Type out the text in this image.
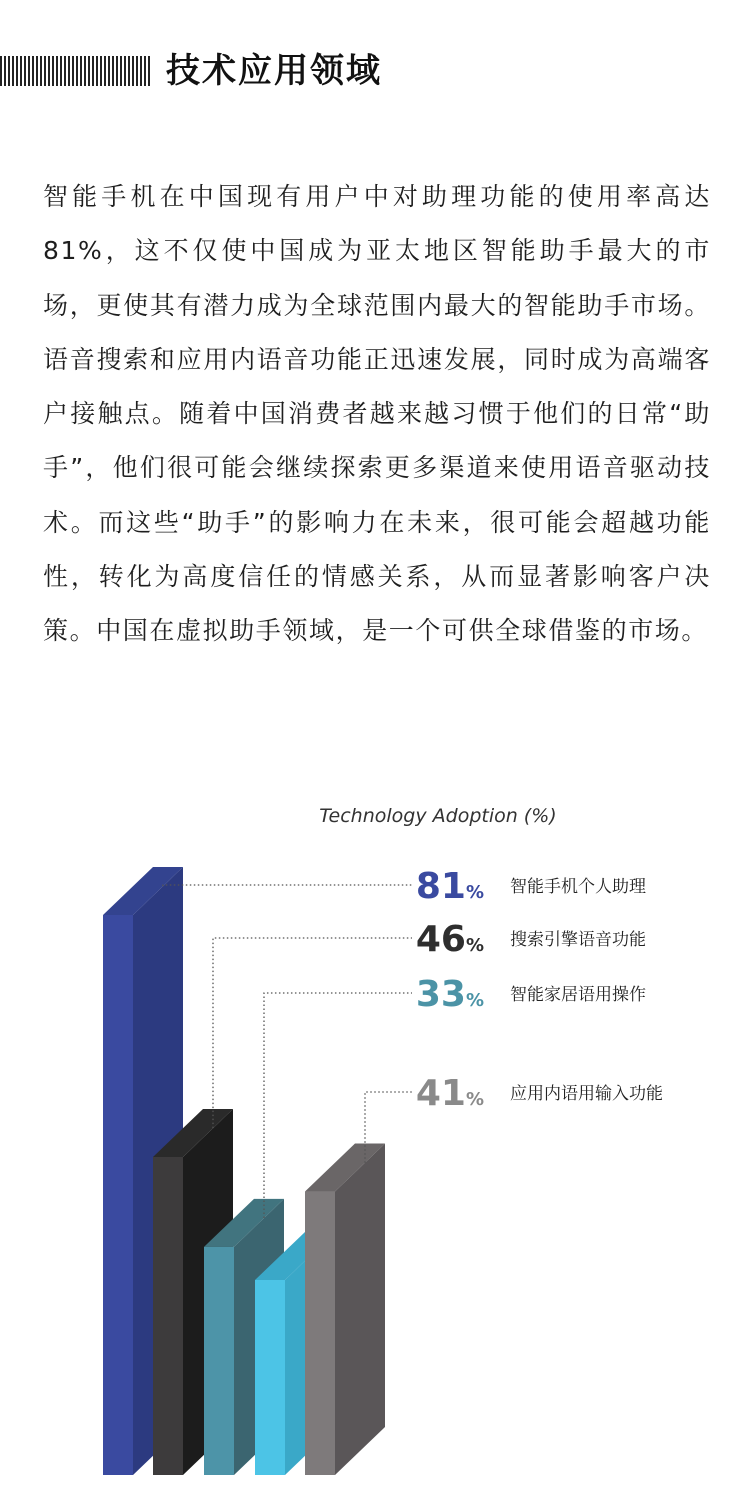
技术应用领域

智能手机在中国现有用户中对助理功能的使用率高达81%，这不仅使中国成为亚太地区智能助手最大的市场，更使其有潜力成为全球范围内最大的智能助手市场。语音搜索和应用内语音功能正迅速发展，同时成为高端客户接触点。随着中国消费者越来越习惯于他们的日常“助手”，他们很可能会继续探索更多渠道来使用语音驱动技术。而这些“助手”的影响力在未来，很可能会超越功能性，转化为高度信任的情感关系，从而显著影响客户决策。中国在虚拟助手领域，是一个可供全球借鉴的市场。

Technology Adoption (%)
81% 智能手机个人助理
46% 搜索引擎语音功能
33% 智能家居语用操作
41% 应用内语用输入功能
